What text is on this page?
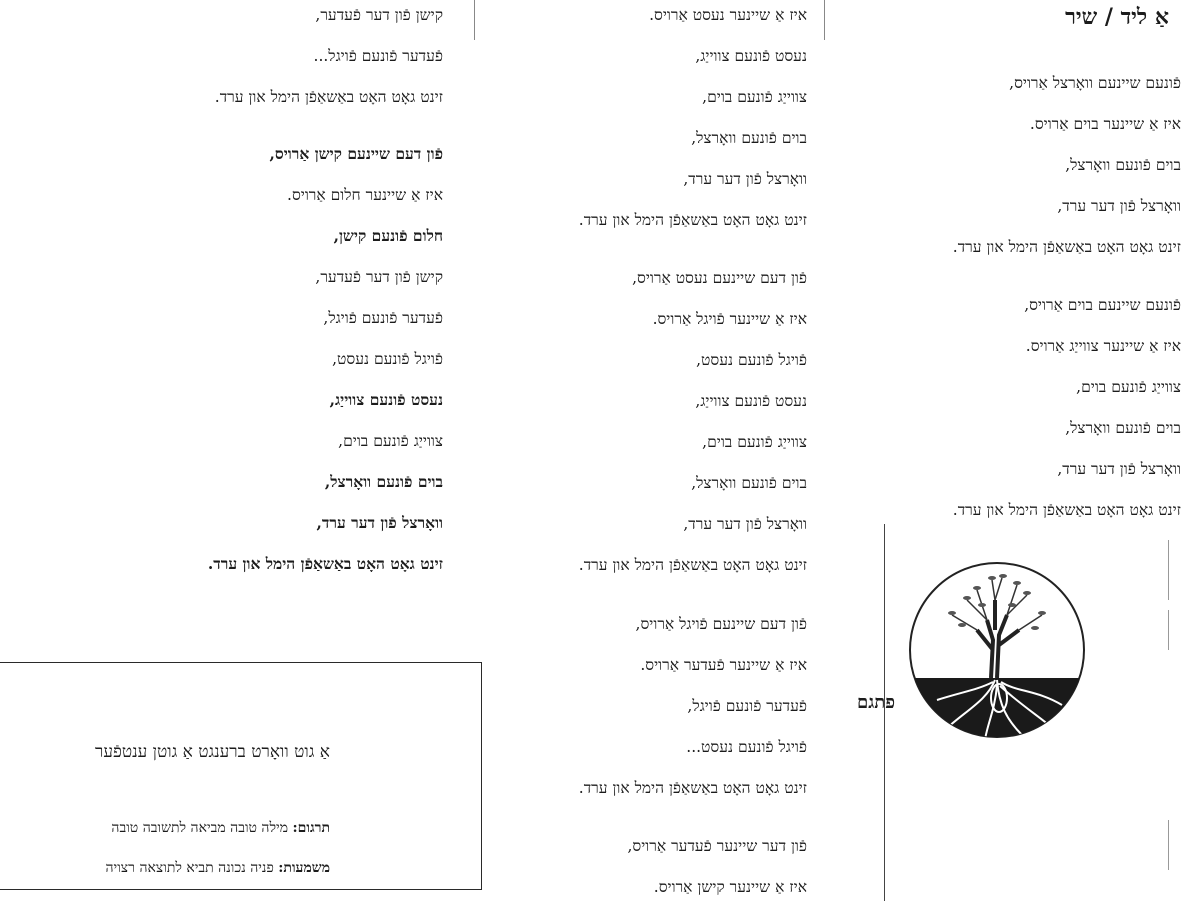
אַ ליד / שיר
פֿונעם שיינעם וואָרצל אַרויס,
איז אַ שיינער בוים אַרויס.
בוים פֿונעם וואָרצל,
וואָרצל פֿון דער ערד,
זינט גאָט האָט באַשאַפֿן הימל און ערד.
פֿונעם שיינעם בוים אַרויס,
איז אַ שיינער צווייַג אַרויס.
צווייַג פֿונעם בוים,
בוים פֿונעם וואָרצל,
וואָרצל פֿון דער ערד,
זינט גאָט האָט באַשאַפֿן הימל און ערד.
איז אַ שיינער נעסט אַרויס.
נעסט פֿונעם צווייַג,
צווייַג פֿונעם בוים,
בוים פֿונעם וואָרצל,
וואָרצל פֿון דער ערד,
זינט גאָט האָט באַשאַפֿן הימל און ערד.
פֿון דעם שיינעם נעסט אַרויס,
איז אַ שיינער פֿויגל אַרויס.
פֿויגל פֿונעם נעסט,
נעסט פֿונעם צווייַג,
צווייַג פֿונעם בוים,
בוים פֿונעם וואָרצל,
וואָרצל פֿון דער ערד,
זינט גאָט האָט באַשאַפֿן הימל און ערד.
פֿון דעם שיינעם פֿויגל אַרויס,
איז אַ שיינער פֿעדער אַרויס.
פֿעדער פֿונעם פֿויגל,
פֿויגל פֿונעם נעסט...
זינט גאָט האָט באַשאַפֿן הימל און ערד.
פֿון דער שיינער פֿעדער אַרויס,
איז אַ שיינער קישן אַרויס.
קישן פֿון דער פֿעדער,
פֿעדער פֿונעם פֿויגל...
זינט גאָט האָט באַשאַפֿן הימל און ערד.
פֿון דעם שיינעם קישן אַרויס,
איז אַ שיינער חלום אַרויס.
חלום פֿונעם קישן,
קישן פֿון דער פֿעדער,
פֿעדער פֿונעם פֿויגל,
פֿויגל פֿונעם נעסט,
נעסט פֿונעם צווייַג,
צווייַג פֿונעם בוים,
בוים פֿונעם וואָרצל,
וואָרצל פֿון דער ערד,
זינט גאָט האָט באַשאַפֿן הימל און ערד.
פתגם
אַ גוט וואָרט ברענגט אַ גוטן ענטפֿער
תרגום: מילה טובה מביאה לתשובה טובה
משמעות: פניה נכונה תביא לתוצאה רצויה
